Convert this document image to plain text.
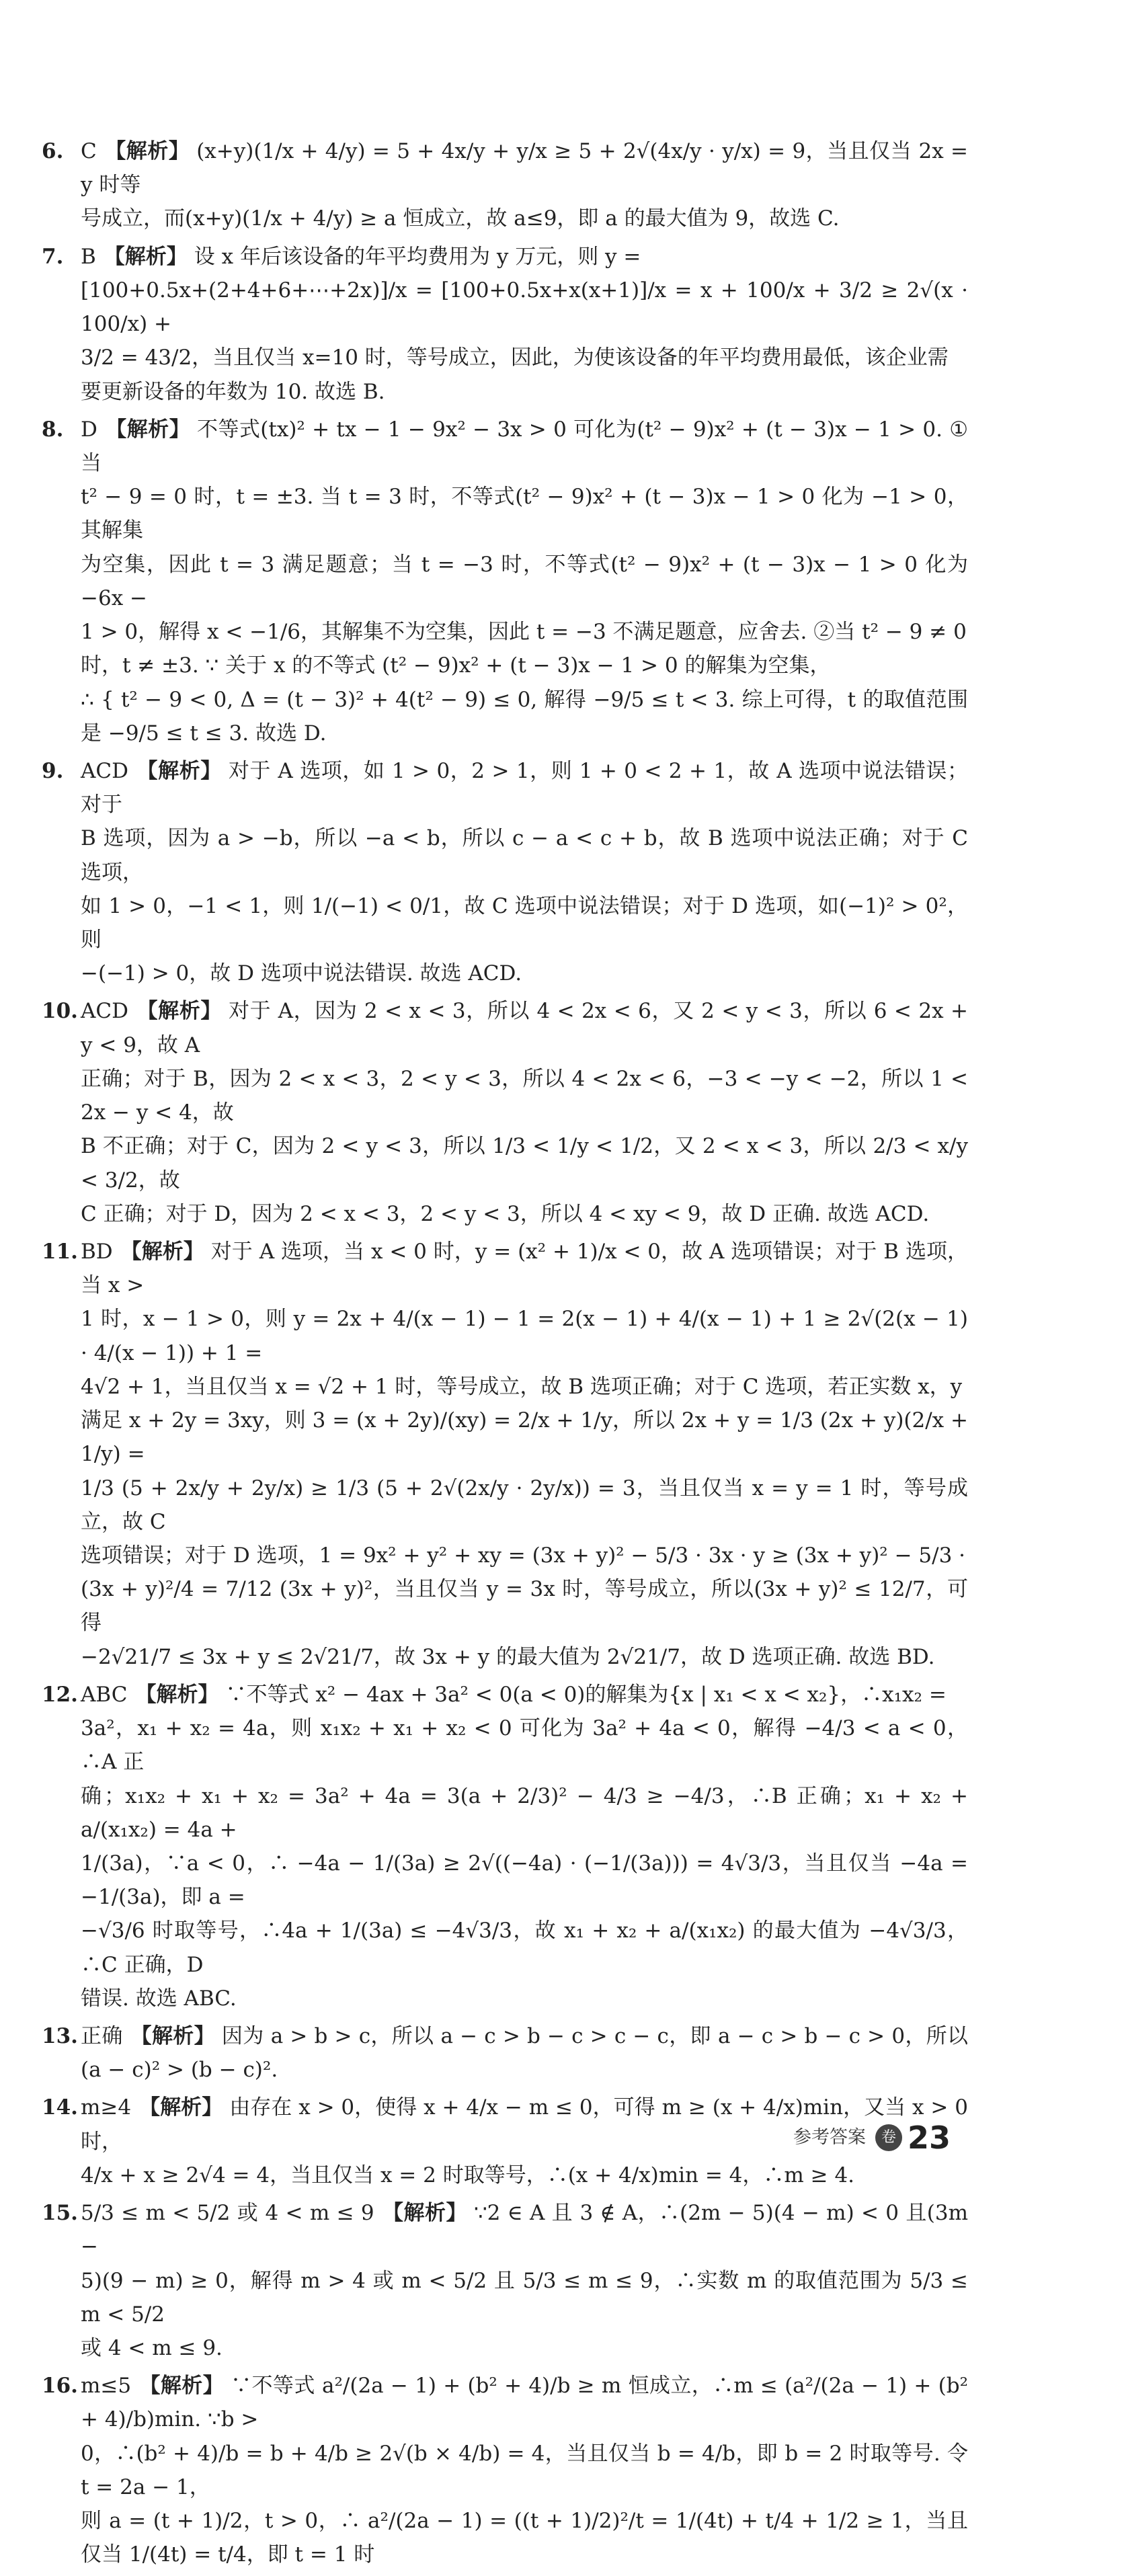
6. C 【解析】 (x+y)(1/x + 4/y) = 5 + 4x/y + y/x ≥ 5 + 2√(4x/y · y/x) = 9，当且仅当 2x = y 时等
号成立，而(x+y)(1/x + 4/y) ≥ a 恒成立，故 a≤9，即 a 的最大值为 9，故选 C.
7. B 【解析】 设 x 年后该设备的年平均费用为 y 万元，则 y =
[100+0.5x+(2+4+6+⋯+2x)]/x = [100+0.5x+x(x+1)]/x = x + 100/x + 3/2 ≥ 2√(x · 100/x) +
3/2 = 43/2，当且仅当 x=10 时，等号成立，因此，为使该设备的年平均费用最低，该企业需
要更新设备的年数为 10. 故选 B.
8. D 【解析】 不等式(tx)² + tx − 1 − 9x² − 3x > 0 可化为(t² − 9)x² + (t − 3)x − 1 > 0. ①当
t² − 9 = 0 时，t = ±3. 当 t = 3 时，不等式(t² − 9)x² + (t − 3)x − 1 > 0 化为 −1 > 0，其解集
为空集，因此 t = 3 满足题意；当 t = −3 时，不等式(t² − 9)x² + (t − 3)x − 1 > 0 化为 −6x −
1 > 0，解得 x < −1/6，其解集不为空集，因此 t = −3 不满足题意，应舍去. ②当 t² − 9 ≠ 0
时，t ≠ ±3. ∵ 关于 x 的不等式 (t² − 9)x² + (t − 3)x − 1 > 0 的解集为空集，
∴ { t² − 9 < 0, Δ = (t − 3)² + 4(t² − 9) ≤ 0, 解得 −9/5 ≤ t < 3. 综上可得，t 的取值范围是 −9/5 ≤ t ≤ 3. 故选 D.
9. ACD 【解析】 对于 A 选项，如 1 > 0，2 > 1，则 1 + 0 < 2 + 1，故 A 选项中说法错误；对于
B 选项，因为 a > −b，所以 −a < b，所以 c − a < c + b，故 B 选项中说法正确；对于 C 选项，
如 1 > 0，−1 < 1，则 1/(−1) < 0/1，故 C 选项中说法错误；对于 D 选项，如(−1)² > 0²，则
−(−1) > 0，故 D 选项中说法错误. 故选 ACD.
10. ACD 【解析】 对于 A，因为 2 < x < 3，所以 4 < 2x < 6，又 2 < y < 3，所以 6 < 2x + y < 9，故 A
正确；对于 B，因为 2 < x < 3，2 < y < 3，所以 4 < 2x < 6，−3 < −y < −2，所以 1 < 2x − y < 4，故
B 不正确；对于 C，因为 2 < y < 3，所以 1/3 < 1/y < 1/2，又 2 < x < 3，所以 2/3 < x/y < 3/2，故
C 正确；对于 D，因为 2 < x < 3，2 < y < 3，所以 4 < xy < 9，故 D 正确. 故选 ACD.
11. BD 【解析】 对于 A 选项，当 x < 0 时，y = (x² + 1)/x < 0，故 A 选项错误；对于 B 选项，当 x >
1 时，x − 1 > 0，则 y = 2x + 4/(x − 1) − 1 = 2(x − 1) + 4/(x − 1) + 1 ≥ 2√(2(x − 1) · 4/(x − 1)) + 1 =
4√2 + 1，当且仅当 x = √2 + 1 时，等号成立，故 B 选项正确；对于 C 选项，若正实数 x，y
满足 x + 2y = 3xy，则 3 = (x + 2y)/(xy) = 2/x + 1/y，所以 2x + y = 1/3 (2x + y)(2/x + 1/y) =
1/3 (5 + 2x/y + 2y/x) ≥ 1/3 (5 + 2√(2x/y · 2y/x)) = 3，当且仅当 x = y = 1 时，等号成立，故 C
选项错误；对于 D 选项，1 = 9x² + y² + xy = (3x + y)² − 5/3 · 3x · y ≥ (3x + y)² − 5/3 ·
(3x + y)²/4 = 7/12 (3x + y)²，当且仅当 y = 3x 时，等号成立，所以(3x + y)² ≤ 12/7，可得
−2√21/7 ≤ 3x + y ≤ 2√21/7，故 3x + y 的最大值为 2√21/7，故 D 选项正确. 故选 BD.
12. ABC 【解析】 ∵不等式 x² − 4ax + 3a² < 0(a < 0)的解集为{x | x₁ < x < x₂}，∴x₁x₂ =
3a²，x₁ + x₂ = 4a，则 x₁x₂ + x₁ + x₂ < 0 可化为 3a² + 4a < 0，解得 −4/3 < a < 0，∴A 正
确；x₁x₂ + x₁ + x₂ = 3a² + 4a = 3(a + 2/3)² − 4/3 ≥ −4/3，∴B 正确；x₁ + x₂ + a/(x₁x₂) = 4a +
1/(3a)，∵a < 0，∴ −4a − 1/(3a) ≥ 2√((−4a) · (−1/(3a))) = 4√3/3，当且仅当 −4a = −1/(3a)，即 a =
−√3/6 时取等号，∴4a + 1/(3a) ≤ −4√3/3，故 x₁ + x₂ + a/(x₁x₂) 的最大值为 −4√3/3，∴C 正确，D
错误. 故选 ABC.
13. 正确 【解析】 因为 a > b > c，所以 a − c > b − c > c − c，即 a − c > b − c > 0，所以(a − c)² > (b − c)².
14. m≥4 【解析】 由存在 x > 0，使得 x + 4/x − m ≤ 0，可得 m ≥ (x + 4/x)min，又当 x > 0 时，
4/x + x ≥ 2√4 = 4，当且仅当 x = 2 时取等号，∴(x + 4/x)min = 4，∴m ≥ 4.
15. 5/3 ≤ m < 5/2 或 4 < m ≤ 9 【解析】 ∵2 ∈ A 且 3 ∉ A，∴(2m − 5)(4 − m) < 0 且(3m −
5)(9 − m) ≥ 0，解得 m > 4 或 m < 5/2 且 5/3 ≤ m ≤ 9，∴实数 m 的取值范围为 5/3 ≤ m < 5/2
或 4 < m ≤ 9.
16. m≤5 【解析】 ∵不等式 a²/(2a − 1) + (b² + 4)/b ≥ m 恒成立，∴m ≤ (a²/(2a − 1) + (b² + 4)/b)min. ∵b >
0，∴(b² + 4)/b = b + 4/b ≥ 2√(b × 4/b) = 4，当且仅当 b = 4/b，即 b = 2 时取等号. 令 t = 2a − 1，
则 a = (t + 1)/2，t > 0，∴ a²/(2a − 1) = ((t + 1)/2)²/t = 1/(4t) + t/4 + 1/2 ≥ 1，当且仅当 1/(4t) = t/4，即 t = 1 时
参考答案	卷 23
